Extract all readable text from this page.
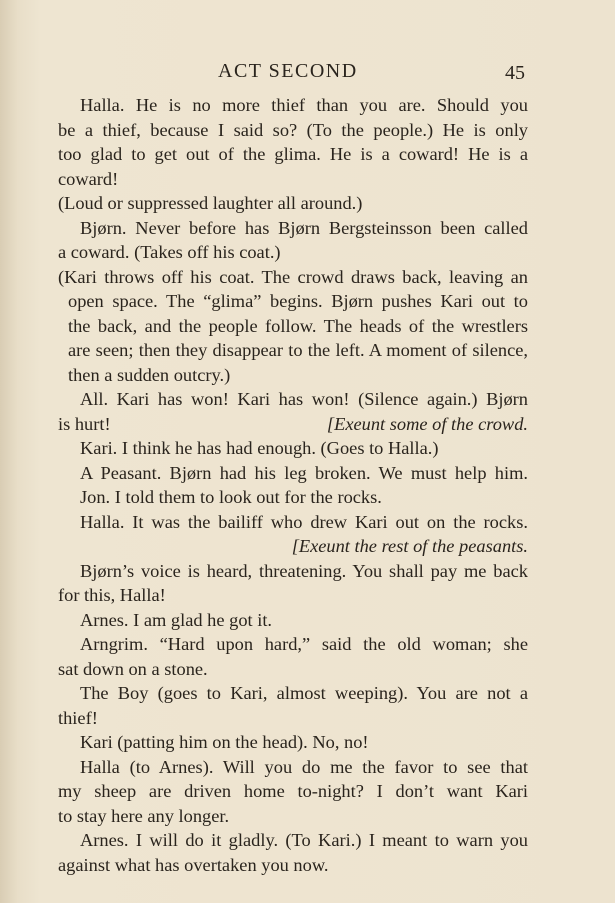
ACT SECOND	45
Halla. He is no more thief than you are. Should you
be a thief, because I said so? (To the people.) He is only
too glad to get out of the glima. He is a coward! He is a
coward!
(Loud or suppressed laughter all around.)
Bjørn. Never before has Bjørn Bergsteinsson been called
a coward. (Takes off his coat.)
(Kari throws off his coat. The crowd draws back, leaving an
open space. The “glima” begins. Bjørn pushes Kari out to
the back, and the people follow. The heads of the wrestlers
are seen; then they disappear to the left. A moment of silence,
then a sudden outcry.)
All. Kari has won! Kari has won! (Silence again.) Bjørn
is hurt!	[Exeunt some of the crowd.
Kari. I think he has had enough. (Goes to Halla.)
A Peasant. Bjørn had his leg broken. We must help him.
Jon. I told them to look out for the rocks.
Halla. It was the bailiff who drew Kari out on the rocks.
[Exeunt the rest of the peasants.
Bjørn’s voice is heard, threatening. You shall pay me back
for this, Halla!
Arnes. I am glad he got it.
Arngrim. “Hard upon hard,” said the old woman; she
sat down on a stone.
The Boy (goes to Kari, almost weeping). You are not a
thief!
Kari (patting him on the head). No, no!
Halla (to Arnes). Will you do me the favor to see that
my sheep are driven home to-night? I don’t want Kari
to stay here any longer.
Arnes. I will do it gladly. (To Kari.) I meant to warn you
against what has overtaken you now.
